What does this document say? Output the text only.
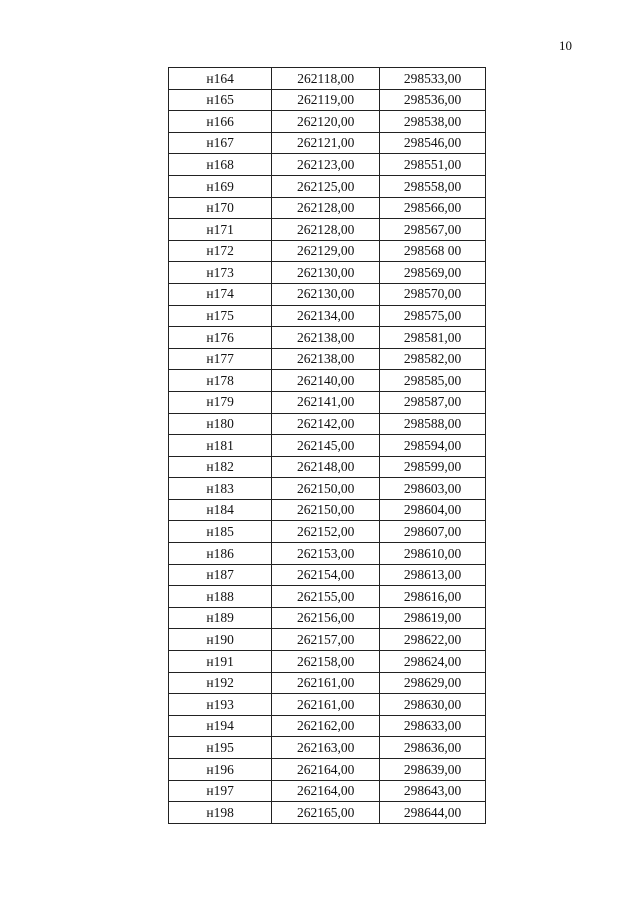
10
н164	262118,00	298533,00
н165	262119,00	298536,00
н166	262120,00	298538,00
н167	262121,00	298546,00
н168	262123,00	298551,00
н169	262125,00	298558,00
н170	262128,00	298566,00
н171	262128,00	298567,00
н172	262129,00	298568 00
н173	262130,00	298569,00
н174	262130,00	298570,00
н175	262134,00	298575,00
н176	262138,00	298581,00
н177	262138,00	298582,00
н178	262140,00	298585,00
н179	262141,00	298587,00
н180	262142,00	298588,00
н181	262145,00	298594,00
н182	262148,00	298599,00
н183	262150,00	298603,00
н184	262150,00	298604,00
н185	262152,00	298607,00
н186	262153,00	298610,00
н187	262154,00	298613,00
н188	262155,00	298616,00
н189	262156,00	298619,00
н190	262157,00	298622,00
н191	262158,00	298624,00
н192	262161,00	298629,00
н193	262161,00	298630,00
н194	262162,00	298633,00
н195	262163,00	298636,00
н196	262164,00	298639,00
н197	262164,00	298643,00
н198	262165,00	298644,00
